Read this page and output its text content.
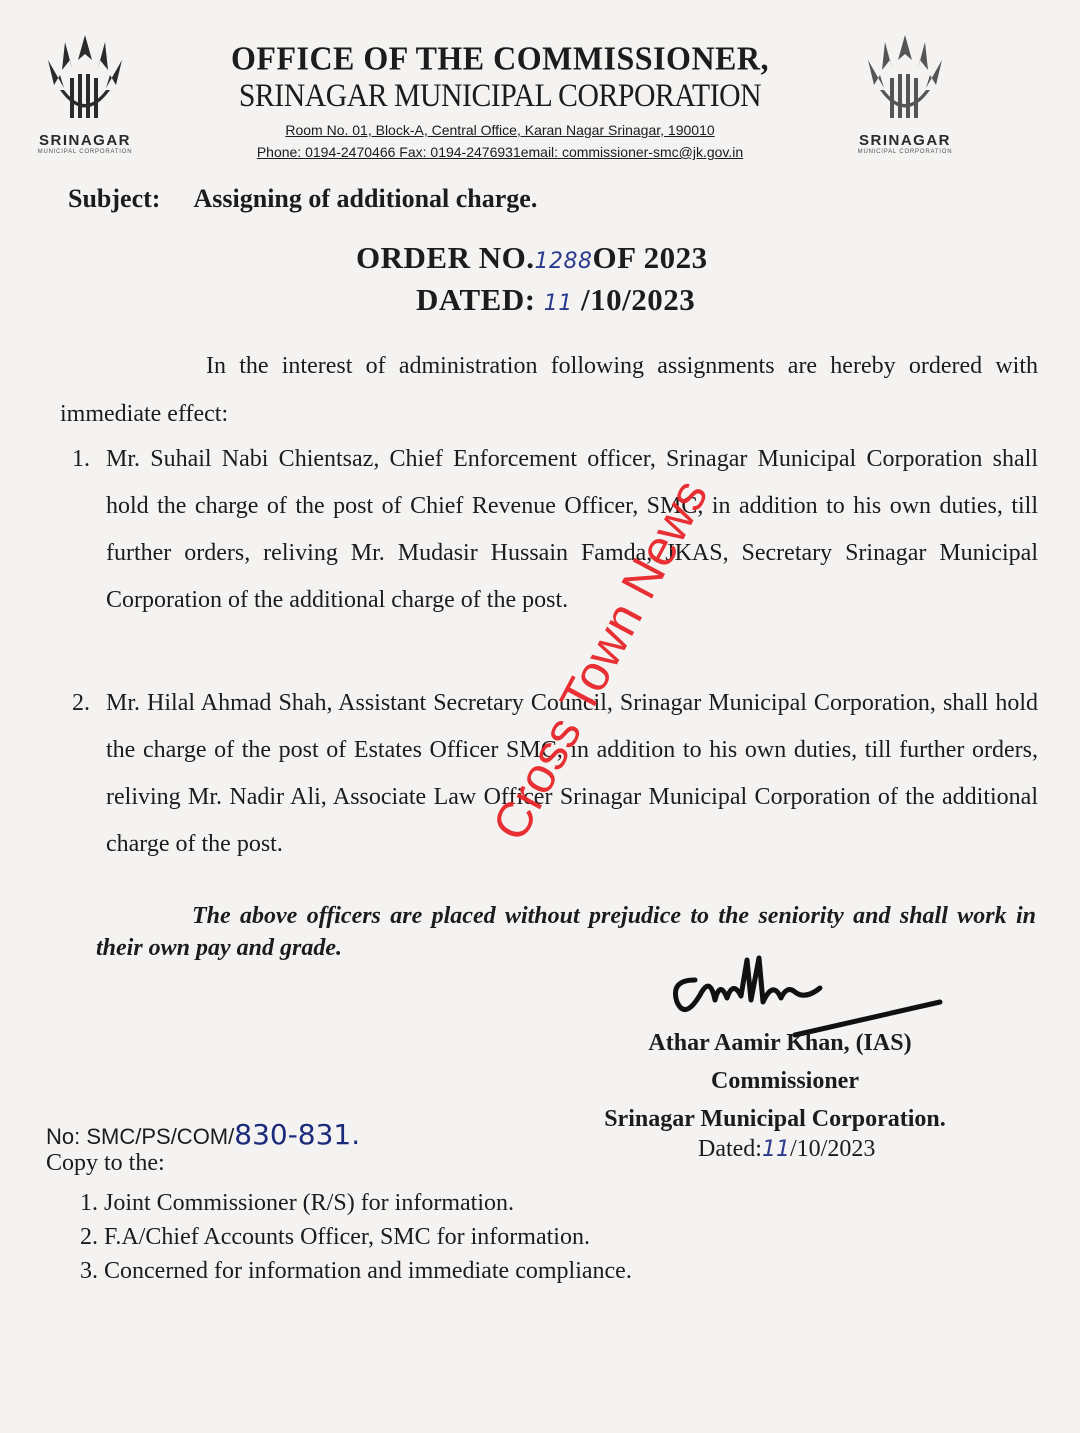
SRINAGAR
MUNICIPAL CORPORATION
SRINAGAR
MUNICIPAL CORPORATION
OFFICE OF THE COMMISSIONER,
SRINAGAR MUNICIPAL CORPORATION
Room No. 01, Block-A, Central Office, Karan Nagar Srinagar, 190010
Phone: 0194-2470466 Fax: 0194-2476931email: commissioner-smc@jk.gov.in
Subject: Assigning of additional charge.
ORDER NO.1288OF 2023
DATED: 11 /10/2023
In the interest of administration following assignments are hereby ordered with immediate effect:
1. Mr. Suhail Nabi Chientsaz, Chief Enforcement officer, Srinagar Municipal Corporation shall hold the charge of the post of Chief Revenue Officer, SMC, in addition to his own duties, till further orders, reliving Mr. Mudasir Hussain Famda, JKAS, Secretary Srinagar Municipal Corporation of the additional charge of the post.
2. Mr. Hilal Ahmad Shah, Assistant Secretary Council, Srinagar Municipal Corporation, shall hold the charge of the post of Estates Officer SMC, in addition to his own duties, till further orders, reliving Mr. Nadir Ali, Associate Law Officer Srinagar Municipal Corporation of the additional charge of the post.
The above officers are placed without prejudice to the seniority and shall work in their own pay and grade.
Athar Aamir Khan, (IAS)
Commissioner
Srinagar Municipal Corporation.
Dated:11/10/2023
No: SMC/PS/COM/830-831.
Copy to the:
1. Joint Commissioner (R/S) for information.
2. F.A/Chief Accounts Officer, SMC for information.
3. Concerned for information and immediate compliance.
Cross Town News
